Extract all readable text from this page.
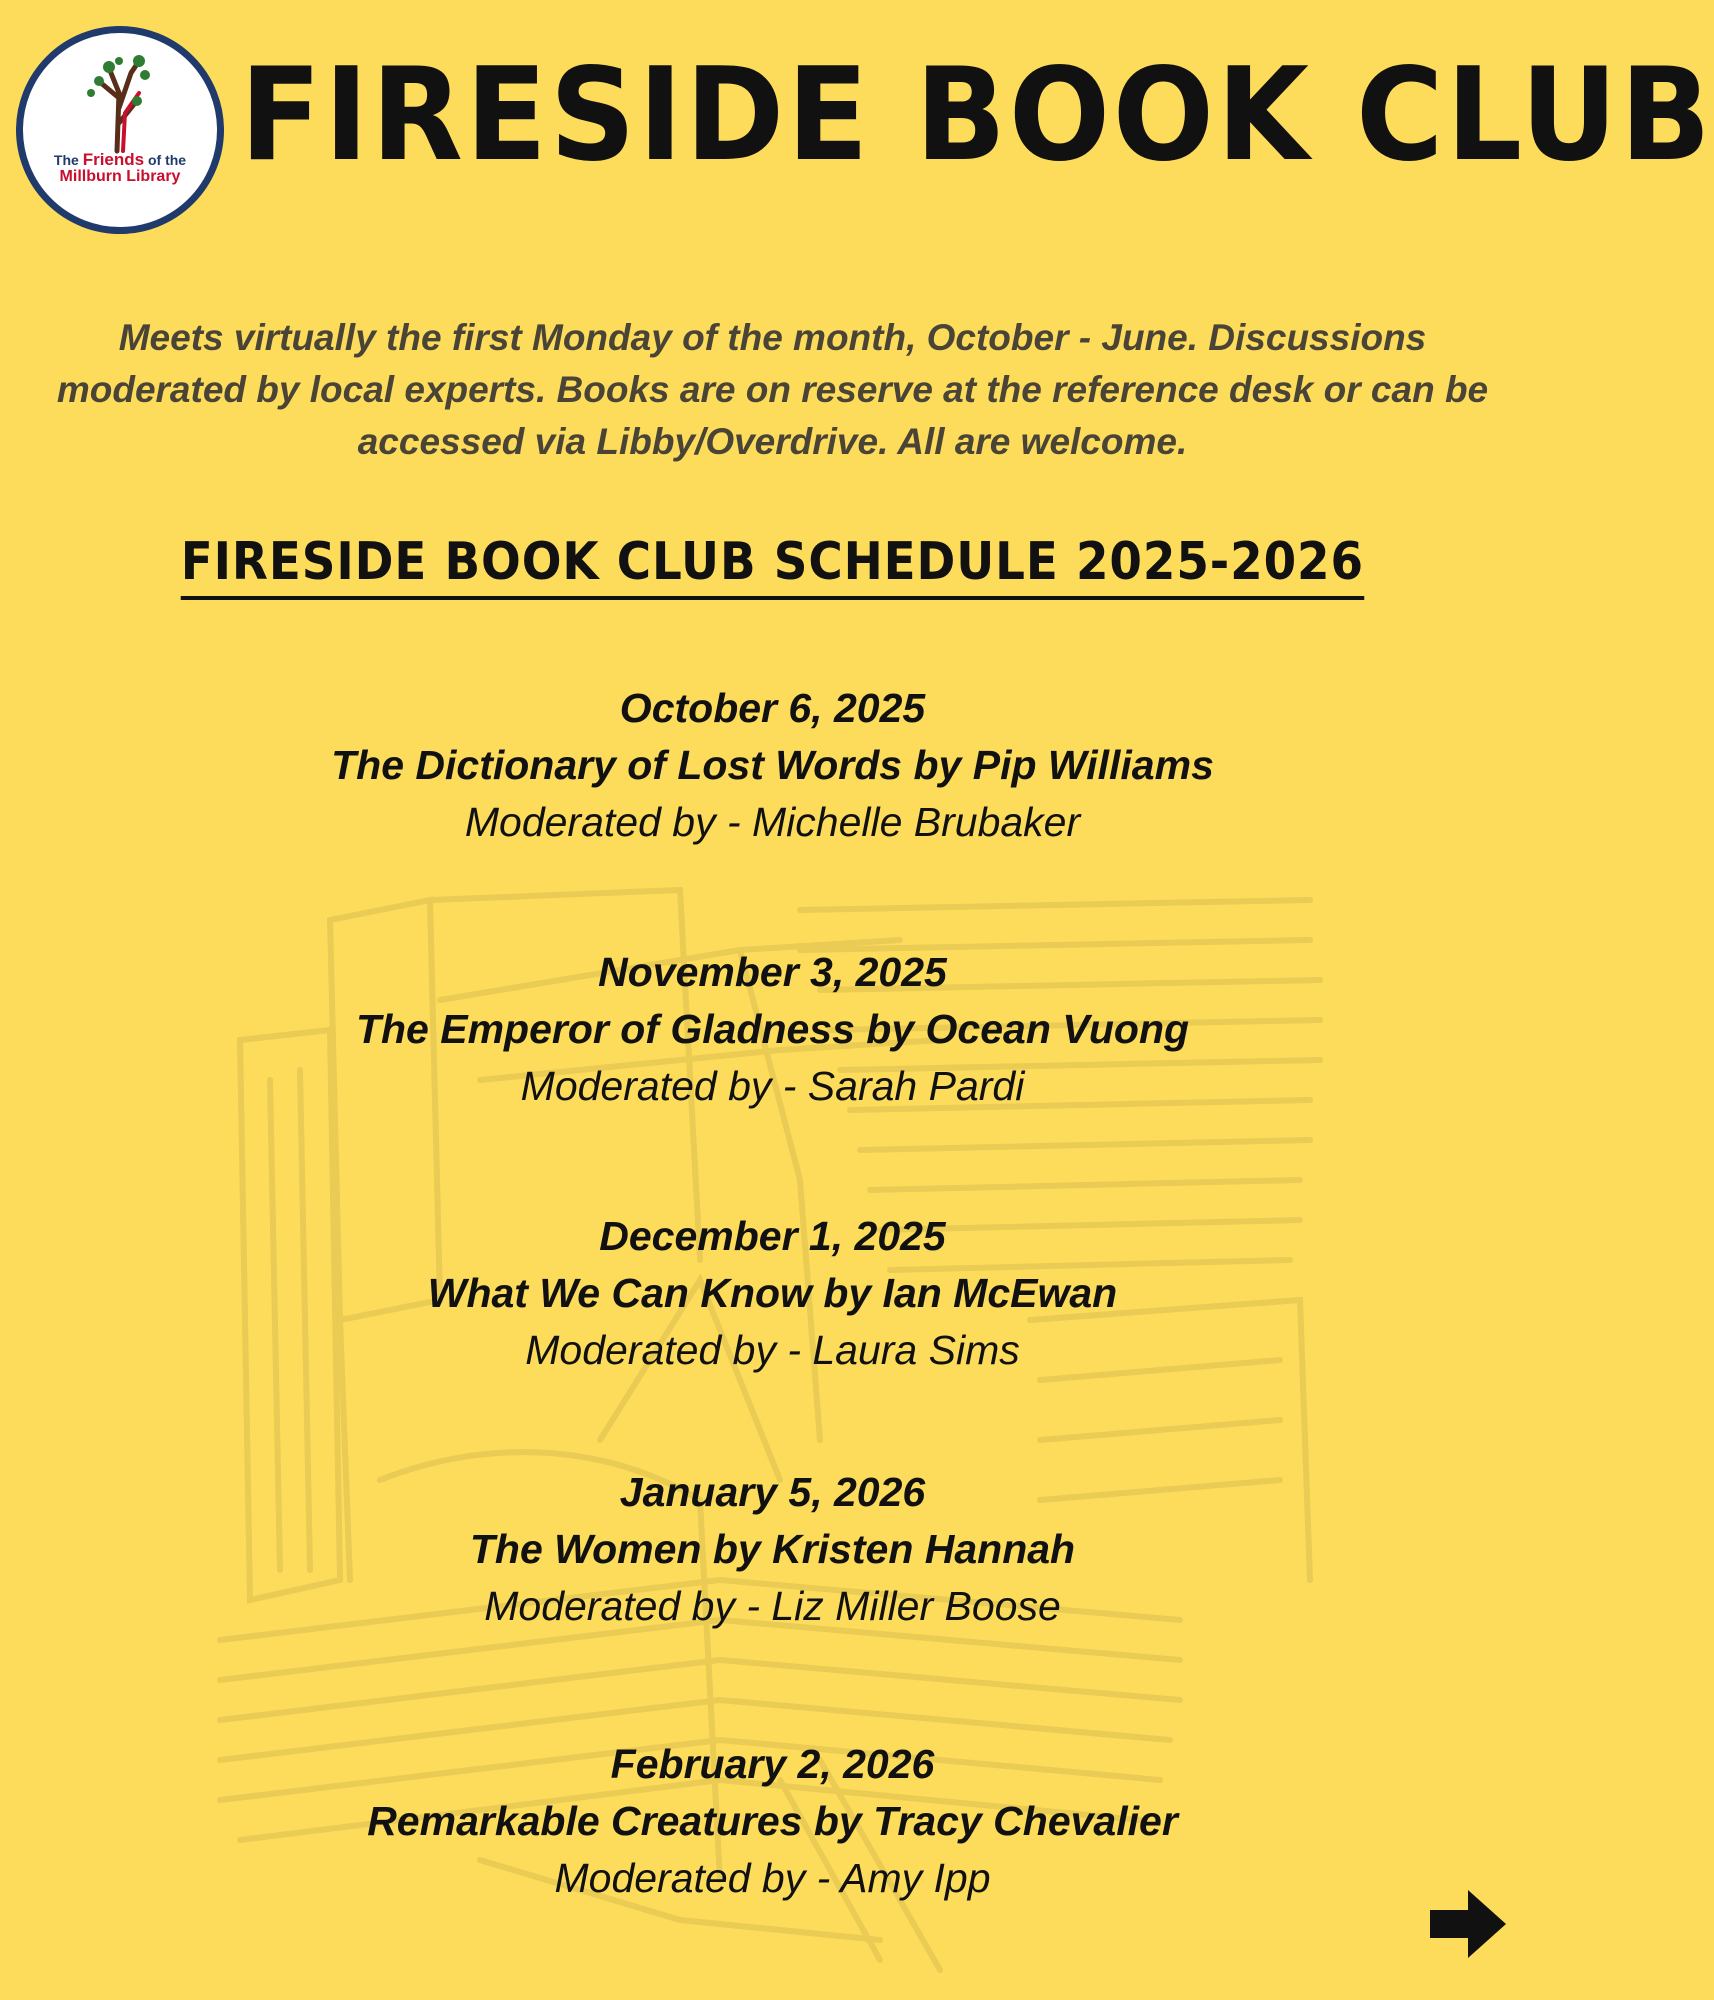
The Friends of the
Millburn Library FIRESIDE BOOK CLUB
Meets virtually the first Monday of the month, October - June. Discussions moderated by local experts. Books are on reserve at the reference desk or can be accessed via Libby/Overdrive. All are welcome.
FIRESIDE BOOK CLUB SCHEDULE 2025-2026
October 6, 2025
The Dictionary of Lost Words by Pip Williams
Moderated by - Michelle Brubaker
November 3, 2025
The Emperor of Gladness by Ocean Vuong
Moderated by - Sarah Pardi
December 1, 2025
What We Can Know by Ian McEwan
Moderated by - Laura Sims
January 5, 2026
The Women by Kristen Hannah
Moderated by - Liz Miller Boose
February 2, 2026
Remarkable Creatures by Tracy Chevalier
Moderated by - Amy Ipp
